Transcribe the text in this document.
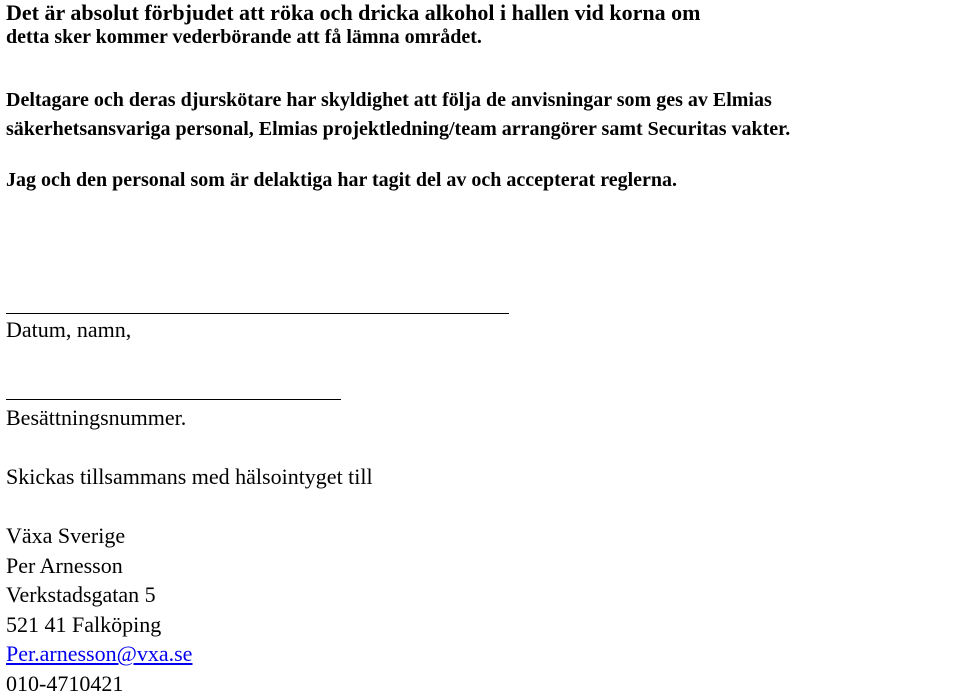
Det är absolut förbjudet att röka och dricka alkohol i hallen vid korna om

detta sker kommer vederbörande att få lämna området.

Deltagare och deras djurskötare har skyldighet att följa de anvisningar som ges av Elmias

säkerhetsansvariga personal, Elmias projektledning/team arrangörer samt Securitas vakter.

Jag och den personal som är delaktiga har tagit del av och accepterat reglerna.

Datum, namn,

Besättningsnummer.

Skickas tillsammans med hälsointyget till

Växa Sverige

Per Arnesson

Verkstadsgatan 5

521 41 Falköping

Per.arnesson@vxa.se

010-4710421
